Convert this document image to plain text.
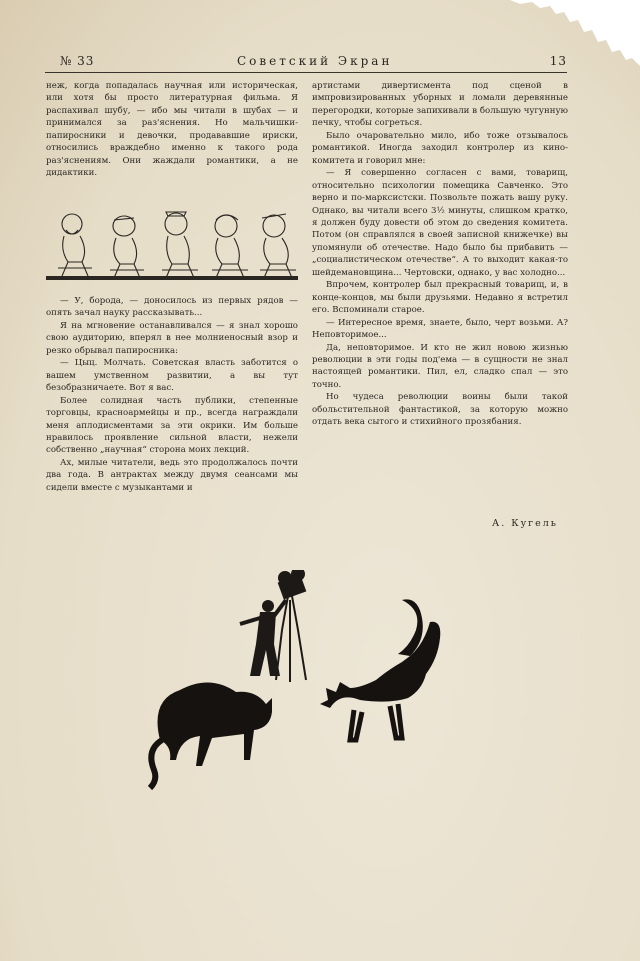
№ 33	Советский Экран	13

неж, когда попадалась научная или историческая, или хотя бы просто литературная фильма. Я распахивал шубу, — ибо мы читали в шубах — и принимался за раз'яснения. Но мальчишки-папиросники и девочки, продававшие ириски, относились враждебно именно к такого рода раз'яснениям. Они жаждали романтики, а не дидактики.

— У, борода, — доносилось из первых рядов — опять зачал науку рассказывать...

Я на мгновение останавливался — я знал хорошо свою аудиторию, вперял в нее молниеносный взор и резко обрывал папиросника:

— Цыц. Молчать. Советская власть заботится о вашем умственном развитии, а вы тут безобразничаете. Вот я вас.

Более солидная часть публики, степенные торговцы, красноармейцы и пр., всегда награждали меня аплодисментами за эти окрики. Им больше нравилось проявление сильной власти, нежели собственно „научная“ сторона моих лекций.

Ах, милые читатели, ведь это продолжалось почти два года. В антрактах между двумя сеансами мы сидели вместе с музыкантами и

артистами дивертисмента под сценой в импровизированных уборных и ломали деревянные перегородки, которые запихивали в большую чугунную печку, чтобы согреться.

Было очаровательно мило, ибо тоже отзывалось романтикой. Иногда заходил контролер из кино-комитета и говорил мне:

— Я совершенно согласен с вами, товарищ, относительно психологии помещика Савченко. Это верно и по-марксистски. Позвольте пожать вашу руку. Однако, вы читали всего 3½ минуты, слишком кратко, я должен буду довести об этом до сведения комитета. Потом (он справлялся в своей записной книжечке) вы упомянули об отечестве. Надо было бы прибавить — „социалистическом отечестве“. А то выходит какая-то шейдемановщина... Чертовски, однако, у вас холодно...

Впрочем, контролер был прекрасный товарищ, и, в конце-концов, мы были друзьями. Недавно я встретил его. Вспоминали старое.

— Интересное время, знаете, было, черт возьми. А? Неповторимое...

Да, неповторимое. И кто не жил новою жизнью революции в эти годы под'ема — в сущности не знал настоящей романтики. Пил, ел, сладко спал — это точно.

Но чудеса революции воины были такой обольстительной фантастикой, за которую можно отдать века сытого и стихийного прозябания.

А. Кугель
